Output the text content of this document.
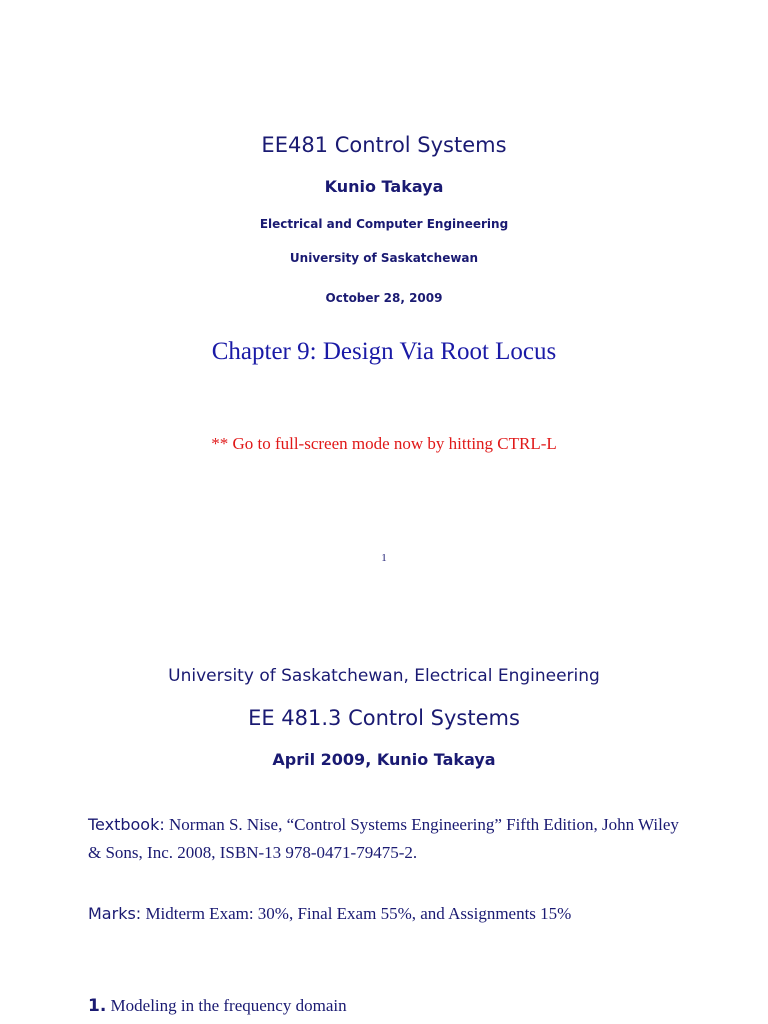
EE481 Control Systems
Kunio Takaya
Electrical and Computer Engineering
University of Saskatchewan
October 28, 2009
Chapter 9: Design Via Root Locus
** Go to full-screen mode now by hitting CTRL-L
1
University of Saskatchewan, Electrical Engineering
EE 481.3 Control Systems
April 2009, Kunio Takaya
Textbook: Norman S. Nise, “Control Systems Engineering” Fifth Edition, John Wiley & Sons, Inc. 2008, ISBN-13 978-0471-79475-2.
Marks: Midterm Exam: 30%, Final Exam 55%, and Assignments 15%
1. Modeling in the frequency domain
